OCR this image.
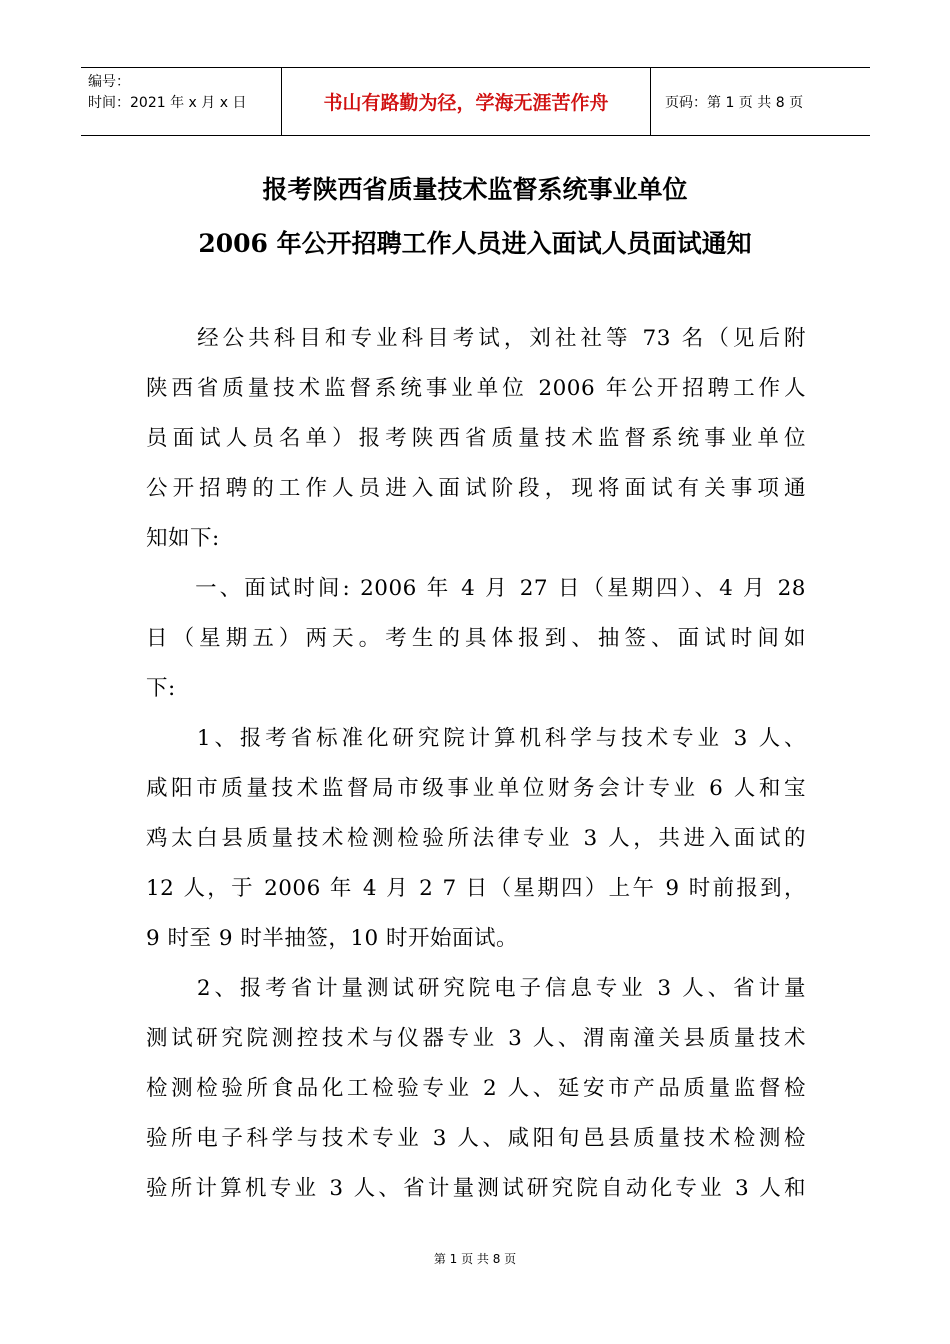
编号：
时间：2021 年 x 月 x 日	书山有路勤为径，学海无涯苦作舟	页码：第 1 页 共 8 页
报考陕西省质量技术监督系统事业单位
2006 年公开招聘工作人员进入面试人员面试通知
　　经公共科目和专业科目考试，刘社社等 73 名（见后附
陕西省质量技术监督系统事业单位 2006 年公开招聘工作人
员面试人员名单）报考陕西省质量技术监督系统事业单位
公开招聘的工作人员进入面试阶段，现将面试有关事项通
知如下:
　　一、面试时间: 2006 年 4 月 27 日（星期四）、4 月 28
日（星期五）两天。考生的具体报到、抽签、面试时间如
下:
　　1、报考省标准化研究院计算机科学与技术专业 3 人、
咸阳市质量技术监督局市级事业单位财务会计专业 6 人和宝
鸡太白县质量技术检测检验所法律专业 3 人，共进入面试的
12 人，于 2006 年 4 月 2 7 日（星期四）上午 9 时前报到，
9 时至 9 时半抽签，10 时开始面试。
　　2、报考省计量测试研究院电子信息专业 3 人、省计量
测试研究院测控技术与仪器专业 3 人、渭南潼关县质量技术
检测检验所食品化工检验专业 2 人、延安市产品质量监督检
验所电子科学与技术专业 3 人、咸阳旬邑县质量技术检测检
验所计算机专业 3 人、省计量测试研究院自动化专业 3 人和
第 1 页 共 8 页
